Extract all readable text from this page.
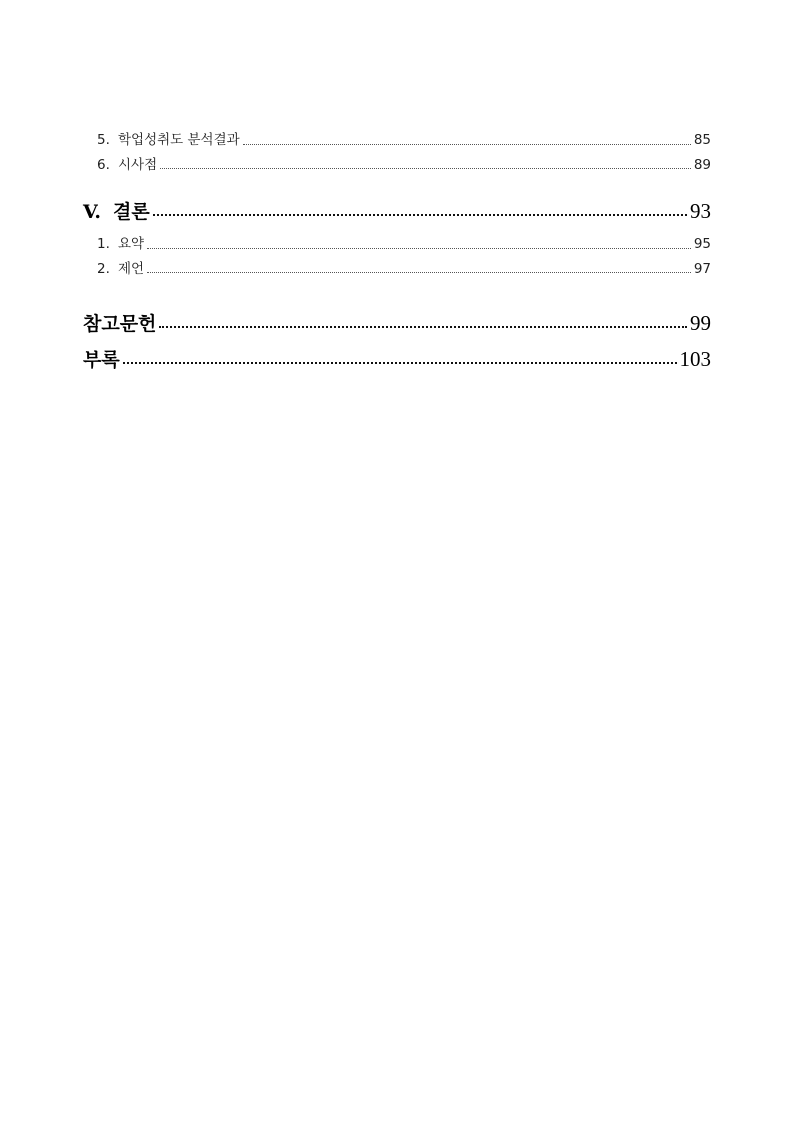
5. 학업성취도 분석결과	85
6. 시사점	89
V. 결론	93
1. 요약	95
2. 제언	97
참고문헌	99
부록	103
